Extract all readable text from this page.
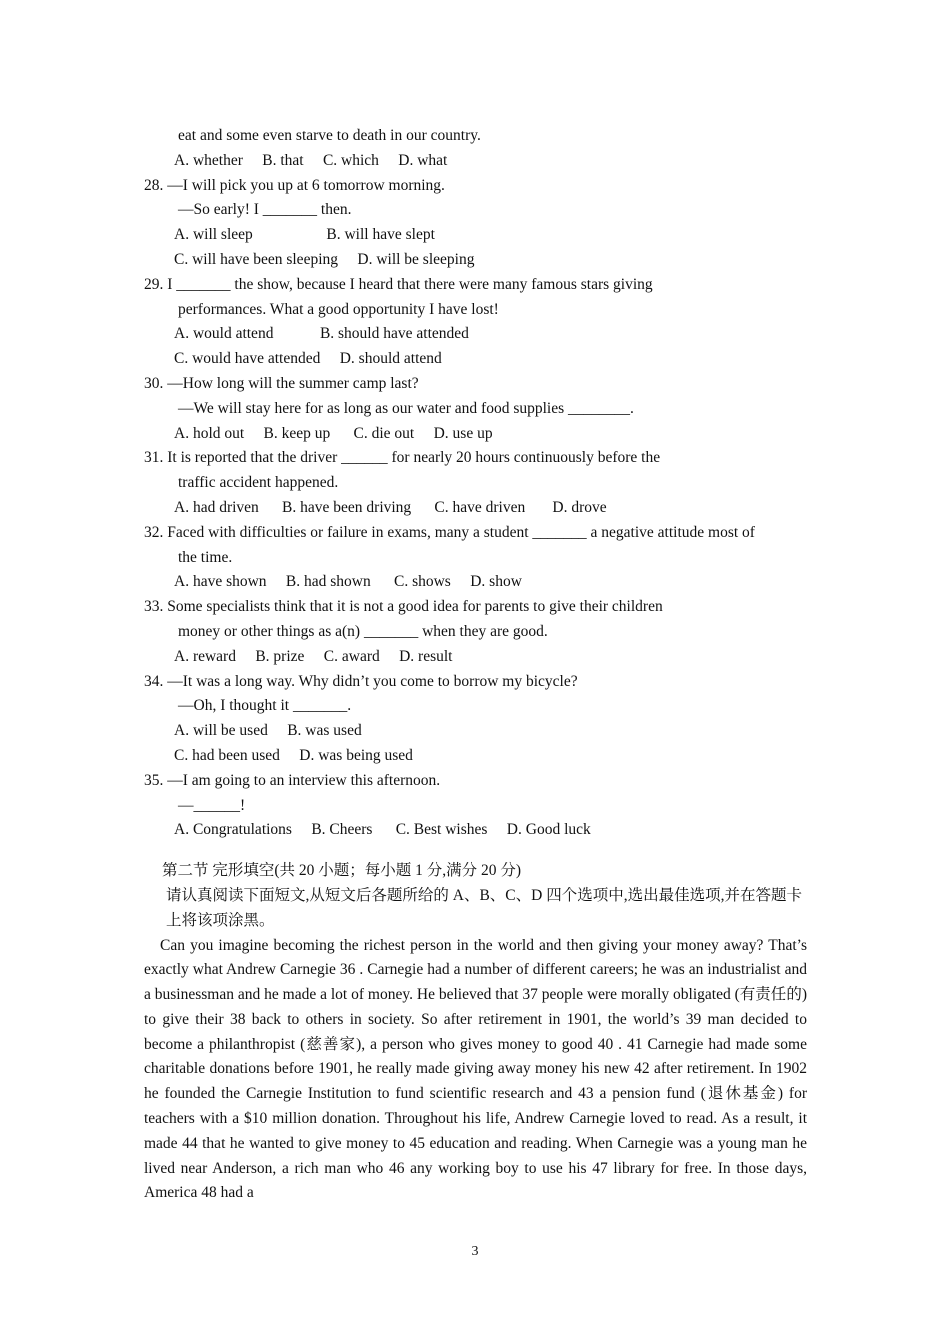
eat and some even starve to death in our country.
A. whether     B. that     C. which     D. what
28. —I will pick you up at 6 tomorrow morning.
—So early! I _______ then.
A. will sleep                   B. will have slept
C. will have been sleeping     D. will be sleeping
29. I _______ the show, because I heard that there were many famous stars giving
performances. What a good opportunity I have lost!
A. would attend            B. should have attended
C. would have attended     D. should attend
30. —How long will the summer camp last?
—We will stay here for as long as our water and food supplies ________.
A. hold out     B. keep up      C. die out     D. use up
31. It is reported that the driver ______ for nearly 20 hours continuously before the
traffic accident happened.
A. had driven      B. have been driving      C. have driven       D. drove
32. Faced with difficulties or failure in exams, many a student _______ a negative attitude most of
the time.
A. have shown     B. had shown      C. shows     D. show
33. Some specialists think that it is not a good idea for parents to give their children
money or other things as a(n) _______ when they are good.
A. reward     B. prize     C. award     D. result
34. —It was a long way. Why didn’t you come to borrow my bicycle?
—Oh, I thought it _______.
A. will be used     B. was used
C. had been used     D. was being used
35. —I am going to an interview this afternoon.
—______!
A. Congratulations     B. Cheers      C. Best wishes     D. Good luck
第二节 完形填空(共 20 小题；每小题 1 分,满分 20 分)
请认真阅读下面短文,从短文后各题所给的 A、B、C、D 四个选项中,选出最佳选项,并在答题卡上将该项涂黑。
Can you imagine becoming the richest person in the world and then giving your money away? That’s exactly what Andrew Carnegie 36 . Carnegie had a number of different careers; he was an industrialist and a businessman and he made a lot of money. He believed that 37 people were morally obligated (有责任的) to give their 38 back to others in society. So after retirement in 1901, the world’s 39 man decided to become a philanthropist (慈善家), a person who gives money to good 40 . 41 Carnegie had made some charitable donations before 1901, he really made giving away money his new 42 after retirement. In 1902 he founded the Carnegie Institution to fund scientific research and 43 a pension fund (退休基金) for teachers with a $10 million donation. Throughout his life, Andrew Carnegie loved to read. As a result, it made 44 that he wanted to give money to 45 education and reading. When Carnegie was a young man he lived near Anderson, a rich man who 46 any working boy to use his 47 library for free. In those days, America 48 had a
3
